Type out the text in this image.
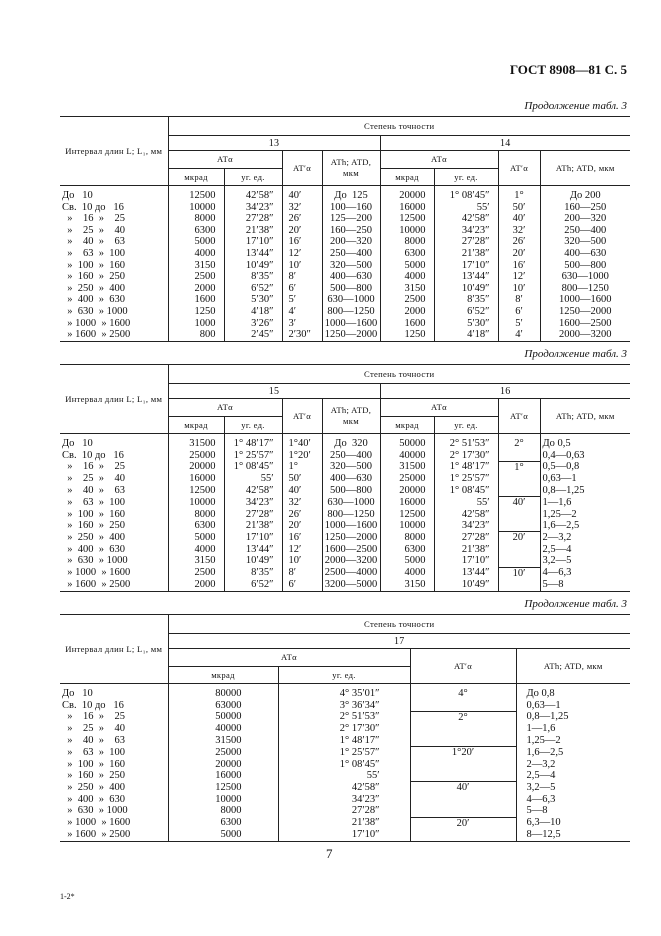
ГОСТ 8908—81 С. 5
Продолжение табл. 3
Интервал длин L; L₁, мм	Степень точности							
	13				14			
	ATα		AT′α	ATh; ATD, мкм	ATα		AT′α	ATh; ATD, мкм
	мкрад	уг. ед.			мкрад	уг. ед.		
До   10	12500	42′58″	40′	До  125	20000	1° 08′45″	1°	До 200
Св.  10 до   16	10000	34′23″	32′	100—160	16000	55′	50′	160—250
»    16  »    25	8000	27′28″	26′	125—200	12500	42′58″	40′	200—320
»    25  »    40	6300	21′38″	20′	160—250	10000	34′23″	32′	250—400
»    40  »    63	5000	17′10″	16′	200—320	8000	27′28″	26′	320—500
»    63  »  100	4000	13′44″	12′	250—400	6300	21′38″	20′	400—630
»  100  »  160	3150	10′49″	10′	320—500	5000	17′10″	16′	500—800
»  160  »  250	2500	8′35″	8′	400—630	4000	13′44″	12′	630—1000
»  250  »  400	2000	6′52″	6′	500—800	3150	10′49″	10′	800—1250
»  400  »  630	1600	5′30″	5′	630—1000	2500	8′35″	8′	1000—1600
»  630  » 1000	1250	4′18″	4′	800—1250	2000	6′52″	6′	1250—2000
» 1000  » 1600	1000	3′26″	3′	1000—1600	1600	5′30″	5′	1600—2500
» 1600  » 2500	800	2′45″	2′30″	1250—2000	1250	4′18″	4′	2000—3200
Продолжение табл. 3
Интервал длин L; L₁, мм	Степень точности							
	15				16			
	ATα		AT′α	ATh; ATD, мкм	ATα		AT′α	ATh; ATD, мкм
	мкрад	уг. ед.			мкрад	уг. ед.		
До   10	31500	1° 48′17″	1°40′	До  320	50000	2° 51′53″	2°	До 0,5
Св.  10 до   16	25000	1° 25′57″	1°20′	250—400	40000	2° 17′30″		0,4—0,63
»    16  »    25	20000	1° 08′45″	1°	320—500	31500	1° 48′17″	1°	0,5—0,8
»    25  »    40	16000	55′	50′	400—630	25000	1° 25′57″		0,63—1
»    40  »    63	12500	42′58″	40′	500—800	20000	1° 08′45″		0,8—1,25
»    63  »  100	10000	34′23″	32′	630—1000	16000	55′	40′	1—1,6
»  100  »  160	8000	27′28″	26′	800—1250	12500	42′58″		1,25—2
»  160  »  250	6300	21′38″	20′	1000—1600	10000	34′23″		1,6—2,5
»  250  »  400	5000	17′10″	16′	1250—2000	8000	27′28″	20′	2—3,2
»  400  »  630	4000	13′44″	12′	1600—2500	6300	21′38″		2,5—4
»  630  » 1000	3150	10′49″	10′	2000—3200	5000	17′10″		3,2—5
» 1000  » 1600	2500	8′35″	8′	2500—4000	4000	13′44″	10′	4—6,3
» 1600  » 2500	2000	6′52″	6′	3200—5000	3150	10′49″		5—8
Продолжение табл. 3
Интервал длин L; L₁, мм	Степень точности			
	17			
	ATα		AT′α	ATh; ATD, мкм
	мкрад	уг. ед.		
До   10	80000	4° 35′01″	4°	До 0,8
Св.  10 до   16	63000	3° 36′34″		0,63—1
»    16  »    25	50000	2° 51′53″	2°	0,8—1,25
»    25  »    40	40000	2° 17′30″		1—1,6
»    40  »    63	31500	1° 48′17″		1,25—2
»    63  »  100	25000	1° 25′57″	1°20′	1,6—2,5
»  100  »  160	20000	1° 08′45″		2—3,2
»  160  »  250	16000	55′		2,5—4
»  250  »  400	12500	42′58″	40′	3,2—5
»  400  »  630	10000	34′23″		4—6,3
»  630  » 1000	8000	27′28″		5—8
» 1000  » 1600	6300	21′38″	20′	6,3—10
» 1600  » 2500	5000	17′10″		8—12,5
7
1-2*
